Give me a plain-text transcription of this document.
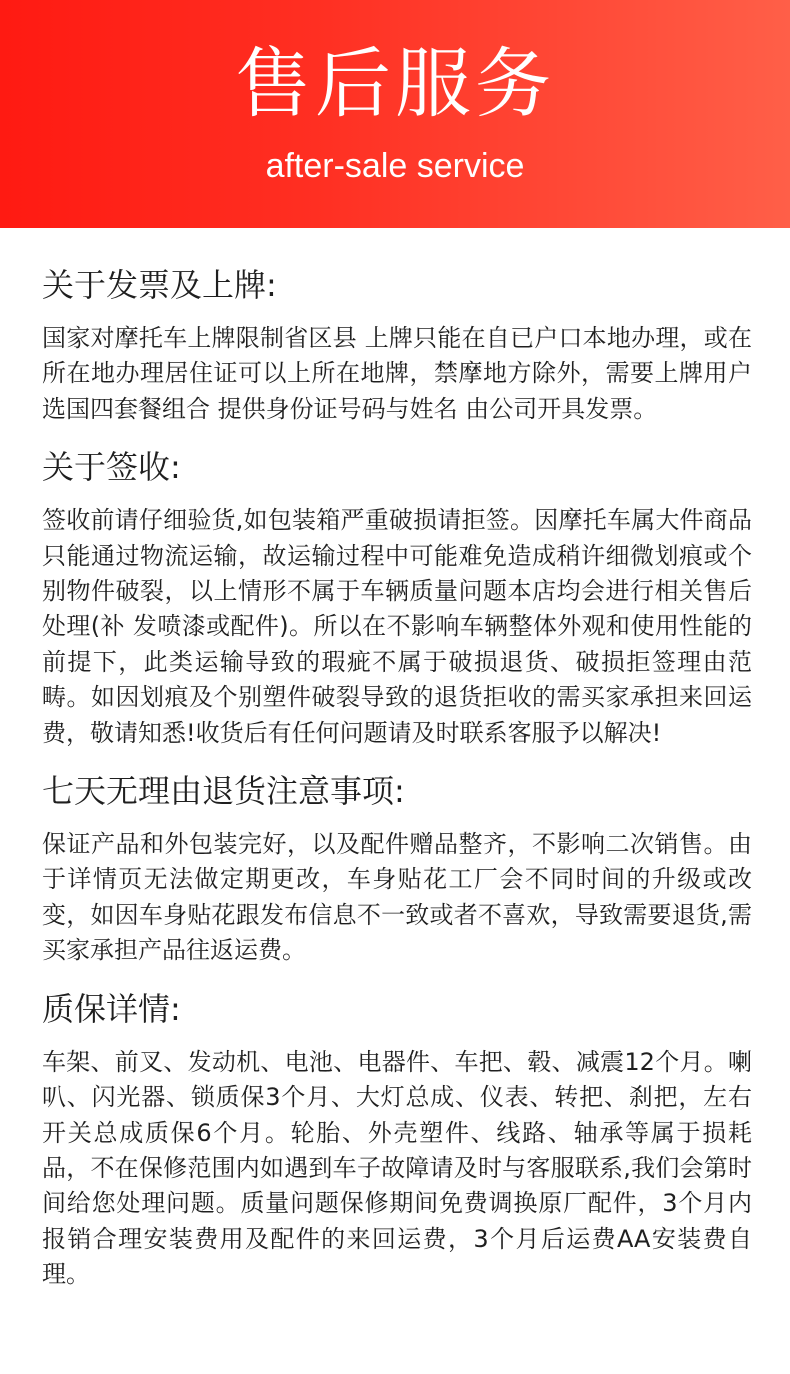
售后服务
after-sale service
关于发票及上牌:

国家对摩托车上牌限制省区县 上牌只能在自已户口本地办理，或在所在地办理居住证可以上所在地牌，禁摩地方除外，需要上牌用户选国四套餐组合 提供身份证号码与姓名 由公司开具发票。

关于签收:

签收前请仔细验货,如包装箱严重破损请拒签。因摩托车属大件商品只能通过物流运输，故运输过程中可能难免造成稍许细微划痕或个别物件破裂，以上情形不属于车辆质量问题本店均会进行相关售后处理(补 发喷漆或配件)。所以在不影响车辆整体外观和使用性能的前提下，此类运输导致的瑕疵不属于破损退货、破损拒签理由范畴。如因划痕及个别塑件破裂导致的退货拒收的需买家承担来回运费，敬请知悉!收货后有任何问题请及时联系客服予以解决!

七天无理由退货注意事项:

保证产品和外包装完好，以及配件赠品整齐，不影响二次销售。由于详情页无法做定期更改，车身贴花工厂会不同时间的升级或改变，如因车身贴花跟发布信息不一致或者不喜欢，导致需要退货,需买家承担产品往返运费。

质保详情:

车架、前叉、发动机、电池、电器件、车把、毂、减震12个月。喇叭、闪光器、锁质保3个月、大灯总成、仪表、转把、刹把，左右开关总成质保6个月。轮胎、外壳塑件、线路、轴承等属于损耗品，不在保修范围内如遇到车子故障请及时与客服联系,我们会第时间给您处理问题。质量问题保修期间免费调换原厂配件，3个月内报销合理安装费用及配件的来回运费，3个月后运费AA安装费自理。
